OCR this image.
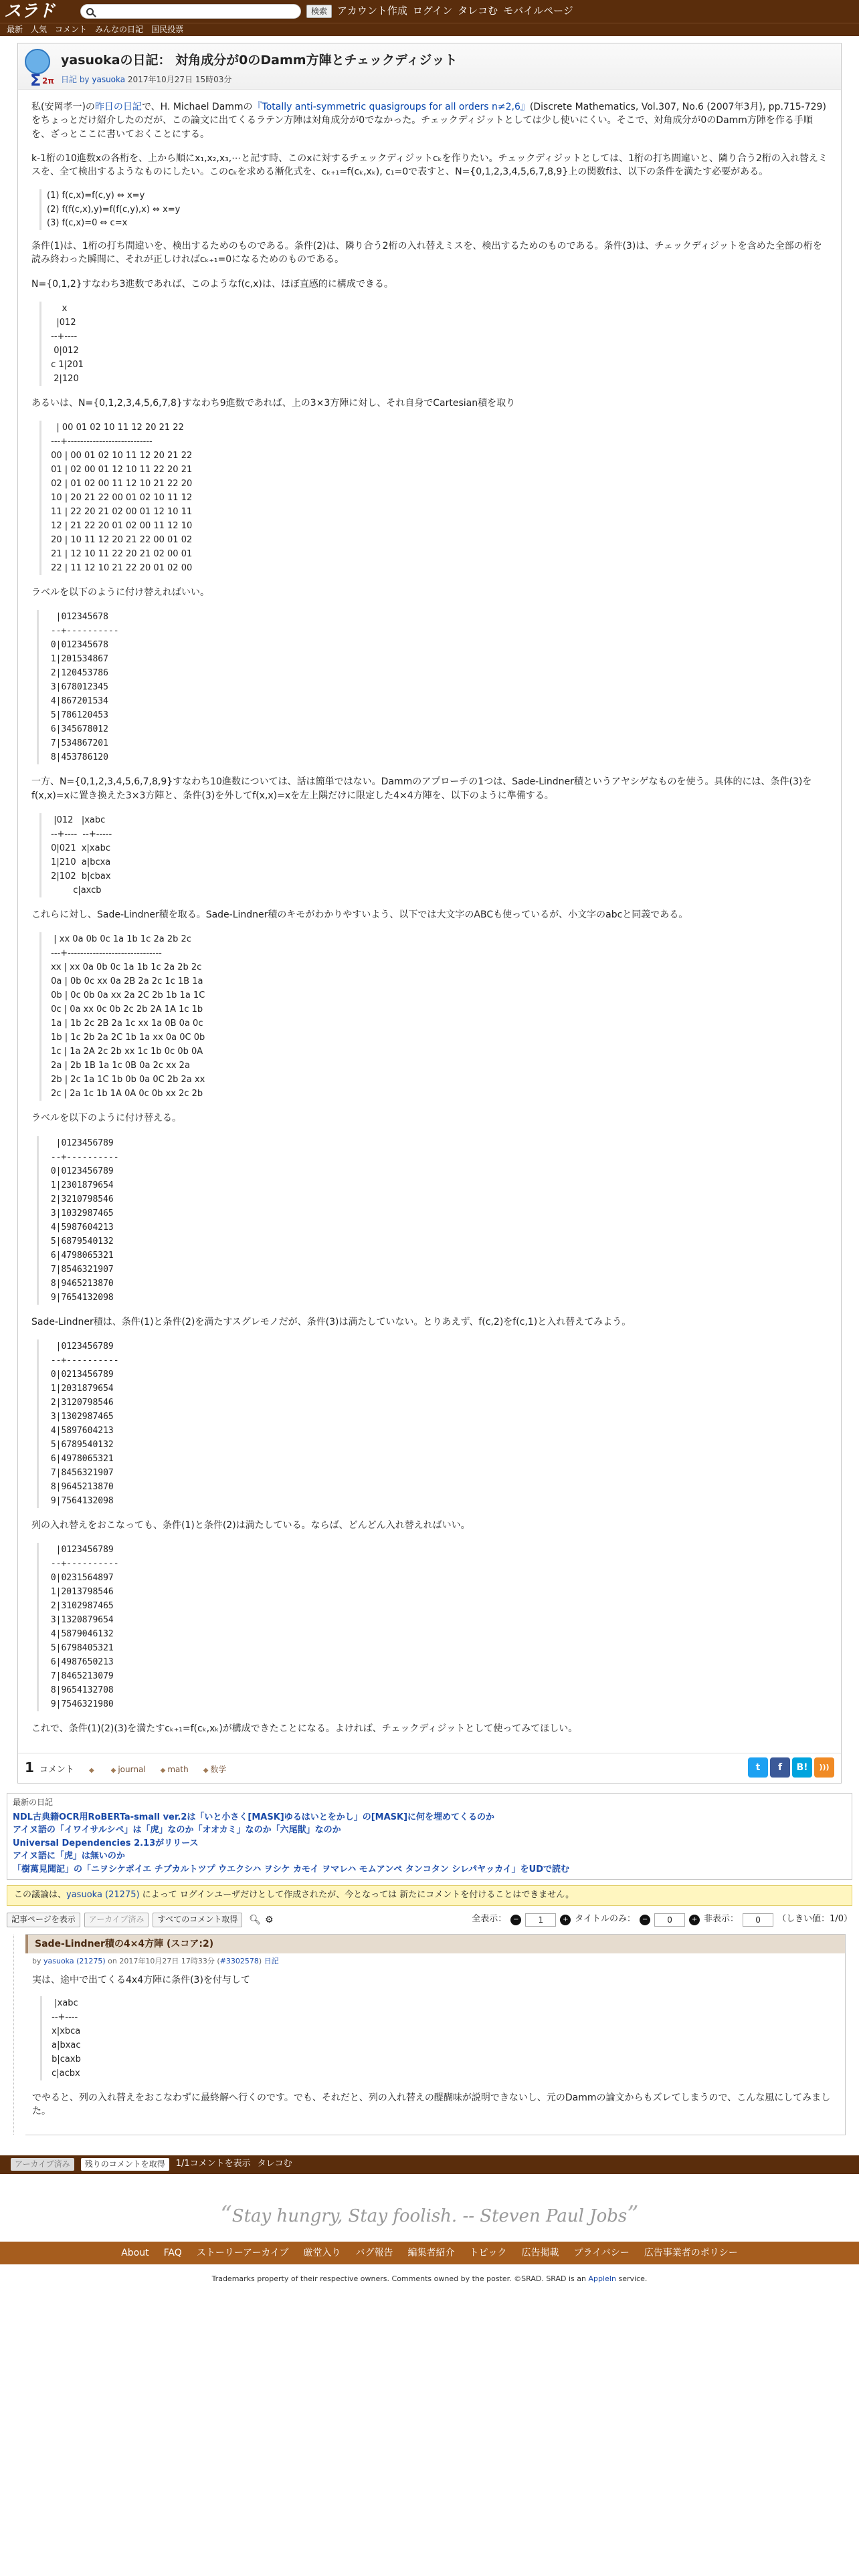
スラド	検索	アカウント作成 ログイン タレコむ モバイルページ
最新 人気 コメント みんなの日記 国民投票
Σ 2π
yasuokaの日記： 対角成分が0のDamm方陣とチェックディジット
日記 by yasuoka 2017年10月27日 15時03分

私(安岡孝一)の昨日の日記で、H. Michael Dammの『Totally anti-symmetric quasigroups for all orders n≠2,6』(Discrete Mathematics, Vol.307, No.6 (2007年3月), pp.715-729)をちょっとだけ紹介したのだが、この論文に出てくるラテン方陣は対角成分が0でなかった。チェックディジットとしては少し使いにくい。そこで、対角成分が0のDamm方陣を作る手順を、ざっとここに書いておくことにする。

k-1桁の10進数xの各桁を、上から順にx₁,x₂,x₃,⋯と記す時、このxに対するチェックディジットcₖを作りたい。チェックディジットとしては、1桁の打ち間違いと、隣り合う2桁の入れ替えミスを、全て検出するようなものにしたい。このcₖを求める漸化式を、cₖ₊₁=f(cₖ,xₖ), c₁=0で表すと、N={0,1,2,3,4,5,6,7,8,9}上の関数fは、以下の条件を満たす必要がある。

(1) f(c,x)=f(c,y) ⇔ x=y
(2) f(f(c,x),y)=f(f(c,y),x) ⇔ x=y
(3) f(c,x)=0 ⇔ c=x

条件(1)は、1桁の打ち間違いを、検出するためのものである。条件(2)は、隣り合う2桁の入れ替えミスを、検出するためのものである。条件(3)は、チェックディジットを含めた全部の桁を読み終わった瞬間に、それが正しければcₖ₊₁=0になるためのものである。

N={0,1,2}すなわち3進数であれば、このようなf(c,x)は、ほぼ直感的に構成できる。

x
|012
--+----
0|012
c 1|201
2|120

あるいは、N={0,1,2,3,4,5,6,7,8}すなわち9進数であれば、上の3×3方陣に対し、それ自身でCartesian積を取り

| 00 01 02 10 11 12 20 21 22
---+---------------------------
00 | 00 01 02 10 11 12 20 21 22
01 | 02 00 01 12 10 11 22 20 21
02 | 01 02 00 11 12 10 21 22 20
10 | 20 21 22 00 01 02 10 11 12
11 | 22 20 21 02 00 01 12 10 11
12 | 21 22 20 01 02 00 11 12 10
20 | 10 11 12 20 21 22 00 01 02
21 | 12 10 11 22 20 21 02 00 01
22 | 11 12 10 21 22 20 01 02 00

ラベルを以下のように付け替えればいい。

|012345678
--+----------
0|012345678
1|201534867
2|120453786
3|678012345
4|867201534
5|786120453
6|345678012
7|534867201
8|453786120

一方、N={0,1,2,3,4,5,6,7,8,9}すなわち10進数については、話は簡単ではない。Dammのアプローチの1つは、Sade-Lindner積というアヤシゲなものを使う。具体的には、条件(3)をf(x,x)=xに置き換えた3×3方陣と、条件(3)を外してf(x,x)=xを左上隅だけに限定した4×4方陣を、以下のように準備する。

|012   |xabc
--+----  --+-----
0|021  x|xabc
1|210  a|bcxa
2|102  b|cbax
c|axcb

これらに対し、Sade-Lindner積を取る。Sade-Lindner積のキモがわかりやすいよう、以下では大文字のABCも使っているが、小文字のabcと同義である。

| xx 0a 0b 0c 1a 1b 1c 2a 2b 2c
---+------------------------------
xx | xx 0a 0b 0c 1a 1b 1c 2a 2b 2c
0a | 0b 0c xx 0a 2B 2a 2c 1c 1B 1a
0b | 0c 0b 0a xx 2a 2C 2b 1b 1a 1C
0c | 0a xx 0c 0b 2c 2b 2A 1A 1c 1b
1a | 1b 2c 2B 2a 1c xx 1a 0B 0a 0c
1b | 1c 2b 2a 2C 1b 1a xx 0a 0C 0b
1c | 1a 2A 2c 2b xx 1c 1b 0c 0b 0A
2a | 2b 1B 1a 1c 0B 0a 2c xx 2a
2b | 2c 1a 1C 1b 0b 0a 0C 2b 2a xx
2c | 2a 1c 1b 1A 0A 0c 0b xx 2c 2b

ラベルを以下のように付け替える。

|0123456789
--+----------
0|0123456789
1|2301879654
2|3210798546
3|1032987465
4|5987604213
5|6879540132
6|4798065321
7|8546321907
8|9465213870
9|7654132098

Sade-Lindner積は、条件(1)と条件(2)を満たすスグレモノだが、条件(3)は満たしていない。とりあえず、f(c,2)をf(c,1)と入れ替えてみよう。

|0123456789
--+----------
0|0213456789
1|2031879654
2|3120798546
3|1302987465
4|5897604213
5|6789540132
6|4978065321
7|8456321907
8|9645213870
9|7564132098

列の入れ替えをおこなっても、条件(1)と条件(2)は満たしている。ならば、どんどん入れ替えればいい。

|0123456789
--+----------
0|0231564897
1|2013798546
2|3102987465
3|1320879654
4|5879046132
5|6798405321
6|4987650213
7|8465213079
8|9654132708
9|7546321980

これで、条件(1)(2)(3)を満たすcₖ₊₁=f(cₖ,xₖ)が構成できたことになる。よければ、チェックディジットとして使ってみてほしい。

1 コメント ◆	◆ journal	◆ math	◆ 数学	t	f	B!	)))
最新の日記
NDL古典籍OCR用RoBERTa-small ver.2は「いと小さく[MASK]ゆるはいとをかし」の[MASK]に何を埋めてくるのか
アイヌ語の「イワイサルシペ」は「虎」なのか「オオカミ」なのか「六尾獣」なのか
Universal Dependencies 2.13がリリース
アイヌ語に「虎」は無いのか
「樹萬見聞記」の「ニヲシケポイエ チブカルトツプ ウエクシハ ヲシケ カモイ ヲマレハ モムアンペ タンコタン シレパヤッカイ」をUDで読む
この議論は、yasuoka (21275) によって ログインユーザだけとして作成されたが、今となっては 新たにコメントを付けることはできません。
記事ページを表示	アーカイブ済み	すべてのコメント取得	🔍︎ ⚙	全表示： −	1	+ タイトルのみ： −	0	+ 非表示：	0	（しきい値：1/0）
Sade-Lindner積の4×4方陣 (スコア:2)
by yasuoka (21275) on 2017年10月27日 17時33分 (#3302578) 日記

実は、途中で出てくる4x4方陣に条件(3)を付与して

|xabc
--+----
x|xbca
a|bxac
b|caxb
c|acbx

でやると、列の入れ替えをおこなわずに最終解へ行くのです。でも、それだと、列の入れ替えの醍醐味が説明できないし、元のDammの論文からもズレてしまうので、こんな風にしてみました。

アーカイブ済み	残りのコメントを取得	1/1コメントを表示 タレコむ
“Stay hungry, Stay foolish. -- Steven Paul Jobs”
About FAQ ストーリーアーカイブ 厳堂入り バグ報告 編集者紹介 トピック 広告掲載 プライバシー 広告事業者のポリシー
Trademarks property of their respective owners. Comments owned by the poster. ©SRAD. SRAD is an AppleIn service.
